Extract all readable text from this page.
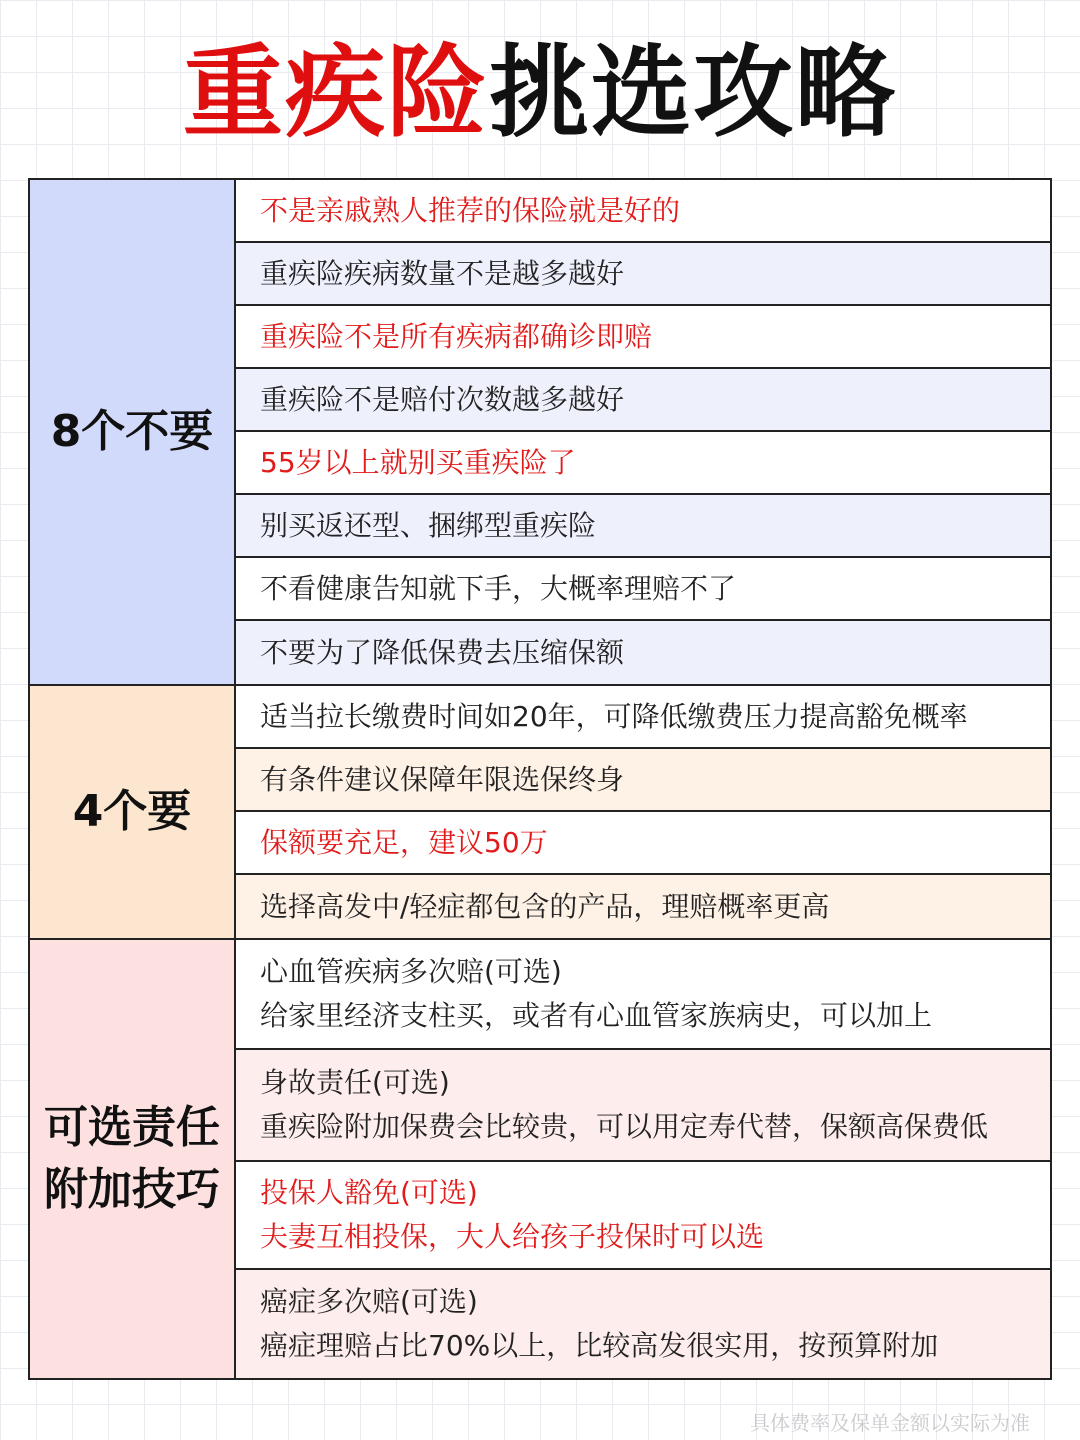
重疾险挑选攻略
8个不要
不是亲戚熟人推荐的保险就是好的
重疾险疾病数量不是越多越好
重疾险不是所有疾病都确诊即赔
重疾险不是赔付次数越多越好
55岁以上就别买重疾险了
别买返还型、捆绑型重疾险
不看健康告知就下手，大概率理赔不了
不要为了降低保费去压缩保额
4个要
适当拉长缴费时间如20年，可降低缴费压力提高豁免概率
有条件建议保障年限选保终身
保额要充足，建议50万
选择高发中/轻症都包含的产品，理赔概率更高
可选责任
附加技巧
心血管疾病多次赔(可选)
给家里经济支柱买，或者有心血管家族病史，可以加上
身故责任(可选)
重疾险附加保费会比较贵，可以用定寿代替，保额高保费低
投保人豁免(可选)
夫妻互相投保，大人给孩子投保时可以选
癌症多次赔(可选)
癌症理赔占比70%以上，比较高发很实用，按预算附加
具体费率及保单金额以实际为准
